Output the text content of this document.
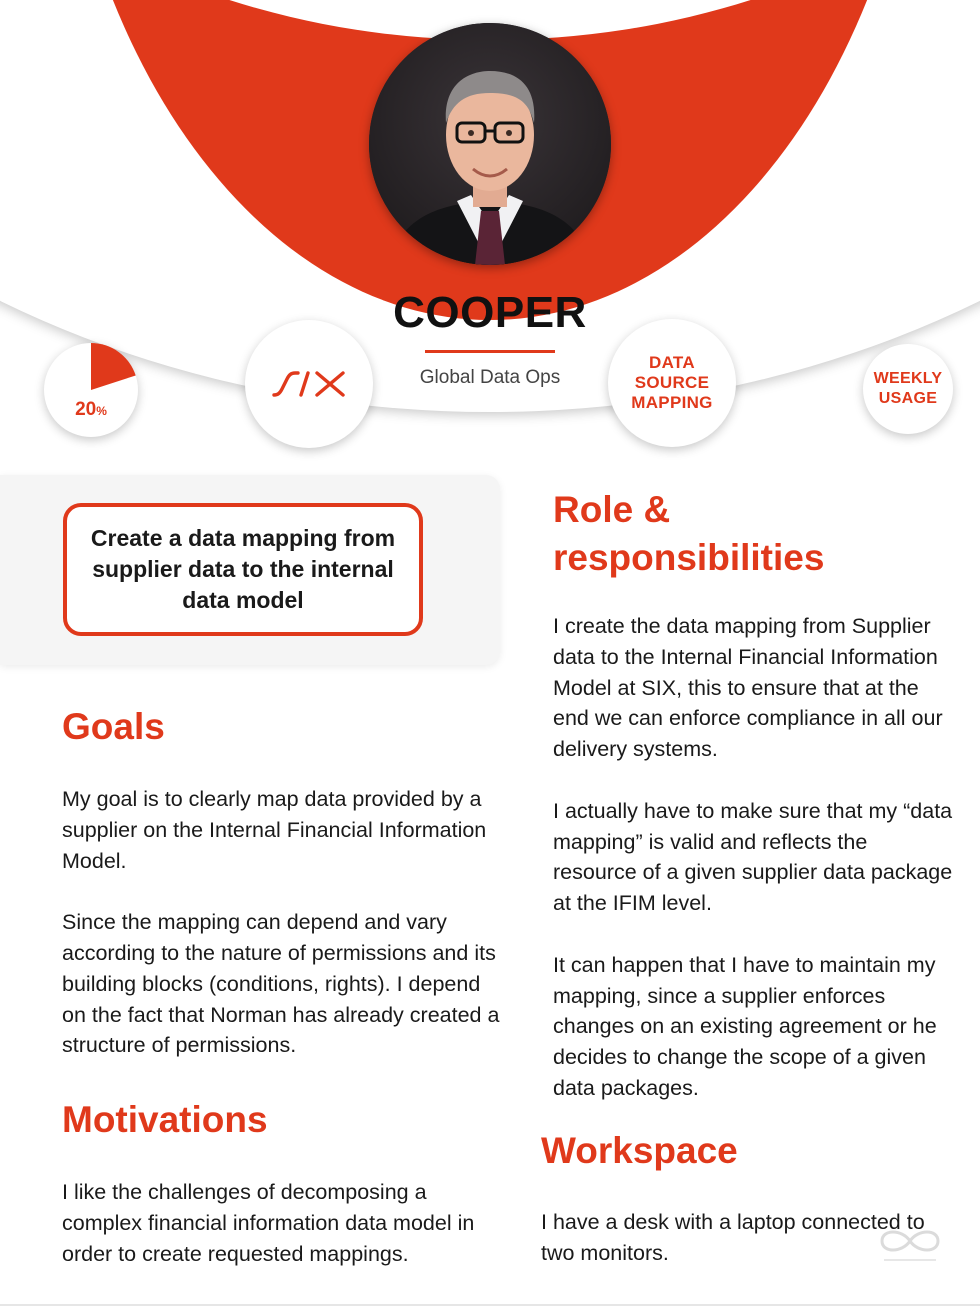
COOPER
Global Data Ops
20%
DATA
SOURCE
MAPPING
WEEKLY
USAGE
Create a data mapping from supplier data to the internal data model
Goals

My goal is to clearly map data provided by a supplier on the Internal Financial Information Model.

Since the mapping can depend and vary according to the nature of permissions and its building blocks (conditions, rights). I depend on the fact that Norman has already created a structure of permissions.

Motivations

I like the challenges of decomposing a complex financial information data model in order to create requested mappings.

Role & responsibilities

I create the data mapping from Supplier data to the Internal Financial Information Model at SIX, this to ensure that at the end we can enforce compliance in all our delivery systems.

I actually have to make sure that my “data mapping” is valid and reflects the resource of a given supplier data package at the IFIM level.

It can happen that I have to maintain my mapping, since a supplier enforces changes on an existing agreement or he decides to change the scope of a given data packages.

Workspace

I have a desk with a laptop connected to two monitors.
